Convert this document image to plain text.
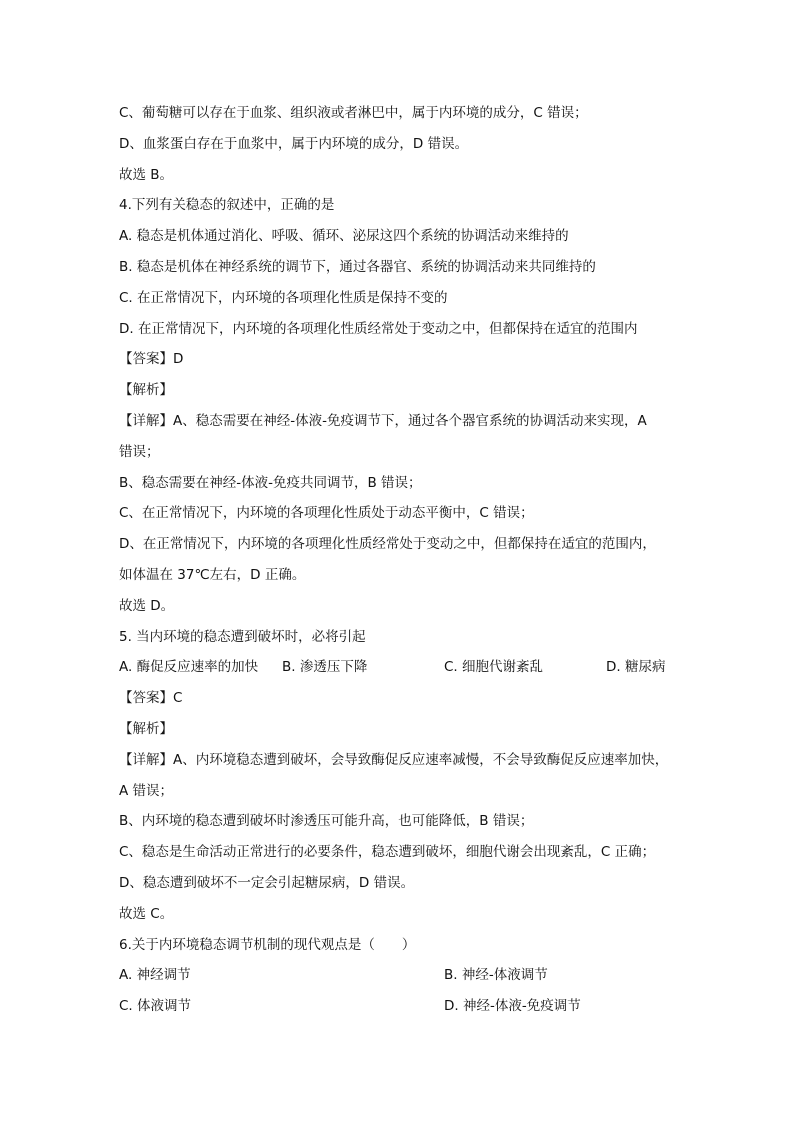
C、葡萄糖可以存在于血浆、组织液或者淋巴中，属于内环境的成分，C 错误；
D、血浆蛋白存在于血浆中，属于内环境的成分，D 错误。
故选 B。
4.下列有关稳态的叙述中，正确的是
A. 稳态是机体通过消化、呼吸、循环、泌尿这四个系统的协调活动来维持的
B. 稳态是机体在神经系统的调节下，通过各器官、系统的协调活动来共同维持的
C. 在正常情况下，内环境的各项理化性质是保持不变的
D. 在正常情况下，内环境的各项理化性质经常处于变动之中，但都保持在适宜的范围内
【答案】D
【解析】
【详解】A、稳态需要在神经-体液-免疫调节下，通过各个器官系统的协调活动来实现，A
错误；
B、稳态需要在神经-体液-免疫共同调节，B 错误；
C、在正常情况下，内环境的各项理化性质处于动态平衡中，C 错误；
D、在正常情况下，内环境的各项理化性质经常处于变动之中，但都保持在适宜的范围内，
如体温在 37℃左右，D 正确。
故选 D。
5. 当内环境的稳态遭到破坏时，必将引起
【答案】C
【解析】
【详解】A、内环境稳态遭到破坏，会导致酶促反应速率减慢，不会导致酶促反应速率加快，
A 错误；
B、内环境的稳态遭到破坏时渗透压可能升高，也可能降低，B 错误；
C、稳态是生命活动正常进行的必要条件，稳态遭到破坏，细胞代谢会出现紊乱，C 正确；
D、稳态遭到破坏不一定会引起糖尿病，D 错误。
故选 C。
6.关于内环境稳态调节机制的现代观点是（　　）
A. 酶促反应速率的加快 B. 渗透压下降	C. 细胞代谢紊乱	D. 糖尿病
A. 神经调节	B. 神经-体液调节
C. 体液调节	D. 神经-体液-免疫调节
